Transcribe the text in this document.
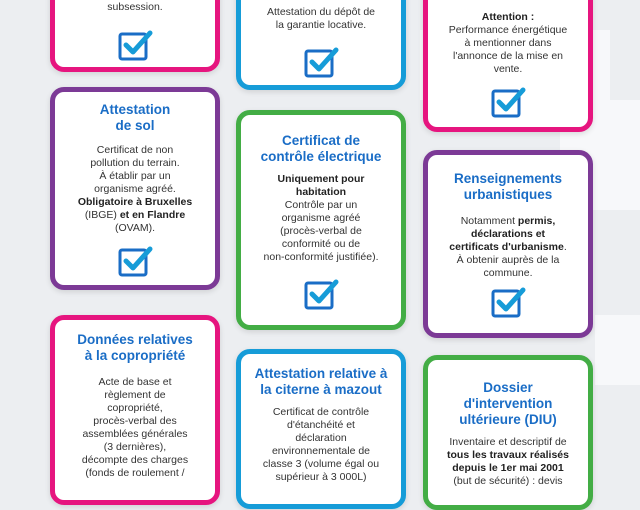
subsession.	Attestation du dépôt de
la garantie locative.

Attention :
Performance énergétique
à mentionner dans
l'annonce de la mise en
vente.

Attestation
de sol

Certificat de non
pollution du terrain.
À établir par un
organisme agréé.
Obligatoire à Bruxelles
(IBGE) et en Flandre
(OVAM).

Certificat de
contrôle électrique

Uniquement pour
habitation
Contrôle par un
organisme agréé
(procès-verbal de
conformité ou de
non-conformité justifiée).

Renseignements
urbanistiques

Notamment permis,
déclarations et
certificats d'urbanisme.
À obtenir auprès de la
commune.

Données relatives
à la copropriété

Acte de base et
règlement de
copropriété,
procès-verbal des
assemblées générales
(3 dernières),
décompte des charges
(fonds de roulement /

Attestation relative à
la citerne à mazout

Certificat de contrôle
d'étanchéité et
déclaration
environnementale de
classe 3 (volume égal ou
supérieur à 3 000L)

Dossier
d'intervention
ultérieure (DIU)

Inventaire et descriptif de
tous les travaux réalisés
depuis le 1er mai 2001
(but de sécurité) : devis
